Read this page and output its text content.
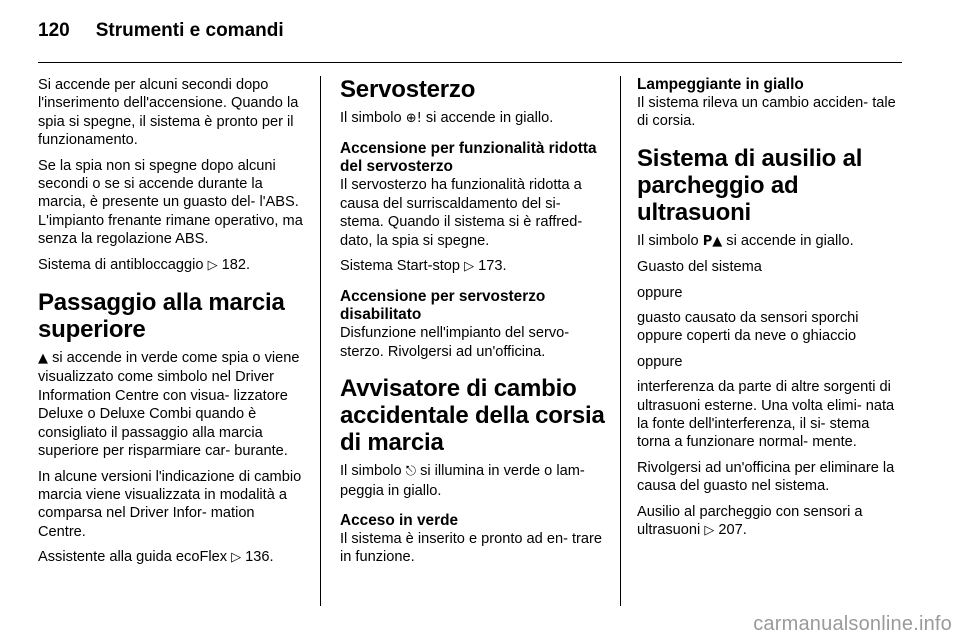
120 Strumenti e comandi

Si accende per alcuni secondi dopo l'inserimento dell'accensione. Quando la spia si spegne, il sistema è pronto per il funzionamento.

Se la spia non si spegne dopo alcuni secondi o se si accende durante la marcia, è presente un guasto del- l'ABS. L'impianto frenante rimane operativo, ma senza la regolazione ABS.

Sistema di antibloccaggio ▷ 182.

Passaggio alla marcia superiore

▲ si accende in verde come spia o viene visualizzato come simbolo nel Driver Information Centre con visua- lizzatore Deluxe o Deluxe Combi quando è consigliato il passaggio alla marcia superiore per risparmiare car- burante.

In alcune versioni l'indicazione di cambio marcia viene visualizzata in modalità a comparsa nel Driver Infor- mation Centre.

Assistente alla guida ecoFlex ▷ 136.

Servosterzo

Il simbolo ⊕! si accende in giallo.

Accensione per funzionalità ridotta del servosterzo

Il servosterzo ha funzionalità ridotta a causa del surriscaldamento del si- stema. Quando il sistema si è raffred- dato, la spia si spegne.

Sistema Start-stop ▷ 173.

Accensione per servosterzo disabilitato

Disfunzione nell'impianto del servo- sterzo. Rivolgersi ad un'officina.

Avvisatore di cambio accidentale della corsia di marcia

Il simbolo ⎋ si illumina in verde o lam- peggia in giallo.

Acceso in verde

Il sistema è inserito e pronto ad en- trare in funzione.

Lampeggiante in giallo

Il sistema rileva un cambio acciden- tale di corsia.

Sistema di ausilio al parcheggio ad ultrasuoni

Il simbolo P▲ si accende in giallo.

Guasto del sistema

oppure

guasto causato da sensori sporchi oppure coperti da neve o ghiaccio

oppure

interferenza da parte di altre sorgenti di ultrasuoni esterne. Una volta elimi- nata la fonte dell'interferenza, il si- stema torna a funzionare normal- mente.

Rivolgersi ad un'officina per eliminare la causa del guasto nel sistema.

Ausilio al parcheggio con sensori a ultrasuoni ▷ 207.

carmanualsonline.info
